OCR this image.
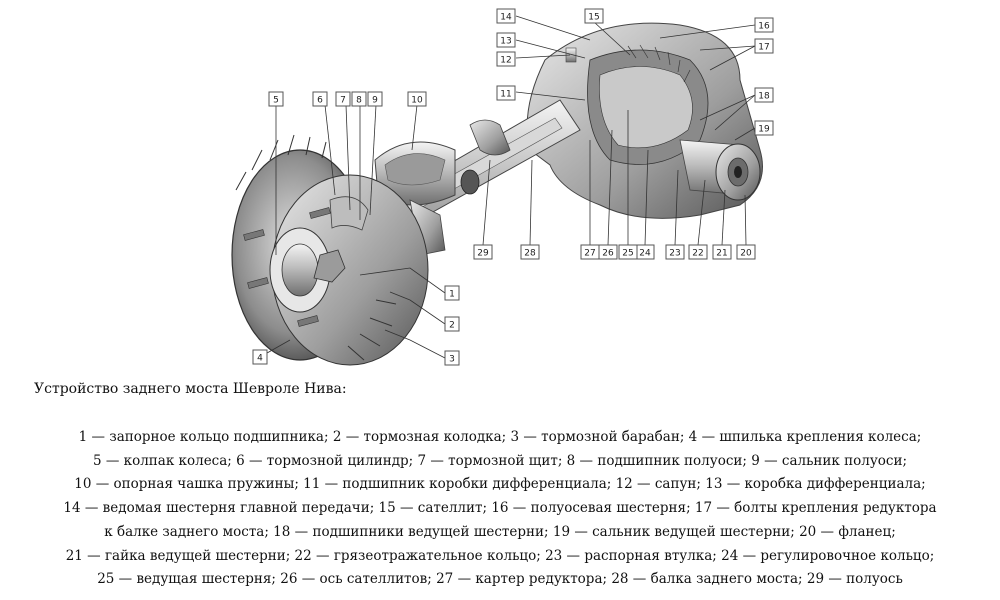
1
2
3
4
5	6 7 8 9	10
11
12
13
14	15
16
17
18
19
20
21
22
23
24
25
26
27
28
29
Устройство заднего моста Шевроле Нива:
1 — запорное кольцо подшипника; 2 — тормозная колодка; 3 — тормозной барабан; 4 — шпилька крепления колеса;
5 — колпак колеса; 6 — тормозной цилиндр; 7 — тормозной щит; 8 — подшипник полуоси; 9 — сальник полуоси;
10 — опорная чашка пружины; 11 — подшипник коробки дифференциала; 12 — сапун; 13 — коробка дифференциала;
14 — ведомая шестерня главной передачи; 15 — сателлит; 16 — полуосевая шестерня; 17 — болты крепления редуктора
к балке заднего моста; 18 — подшипники ведущей шестерни; 19 — сальник ведущей шестерни; 20 — фланец;
21 — гайка ведущей шестерни; 22 — грязеотражательное кольцо; 23 — распорная втулка; 24 — регулировочное кольцо;
25 — ведущая шестерня; 26 — ось сателлитов; 27 — картер редуктора; 28 — балка заднего моста; 29 — полуось
